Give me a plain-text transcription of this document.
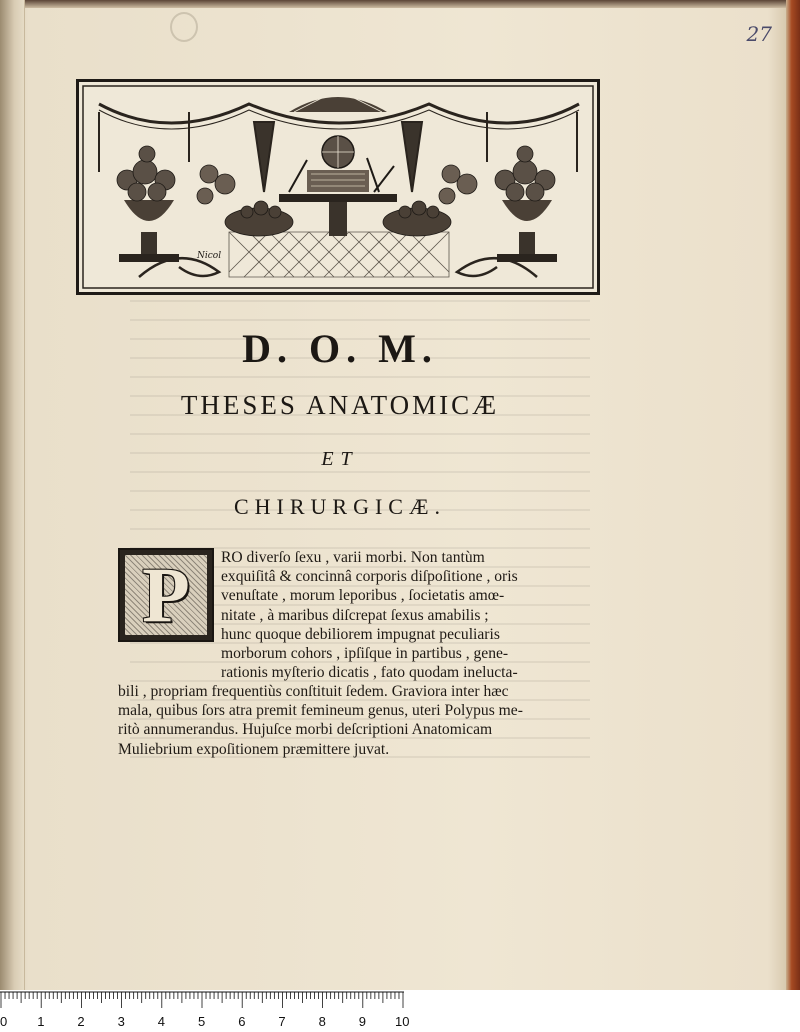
27
Nicol
D. O. M.
THESES ANATOMICÆ
ET
CHIRURGICÆ.
P RO diverſo ſexu , varii morbi. Non tantùm
exquiſitâ & concinnâ corporis diſpoſitione , oris
venuſtate , morum leporibus , ſocietatis amœ-
nitate , à maribus diſcrepat ſexus amabilis ;
hunc quoque debiliorem impugnat peculiaris
morborum cohors , ipſiſque in partibus , gene-
rationis myſterio dicatis , fato quodam ineluctа-
bili , propriam frequentiùs conſtituit ſedem. Graviora inter hæc
mala, quibus ſors atra premit femineum genus, uteri Polypus me-
ritò annumerandus. Hujuſce morbi deſcriptioni Anatomicam
Muliebrium expoſitionem præmittere juvat.
0 1	2	3	4	5	6	7	8	9 10
